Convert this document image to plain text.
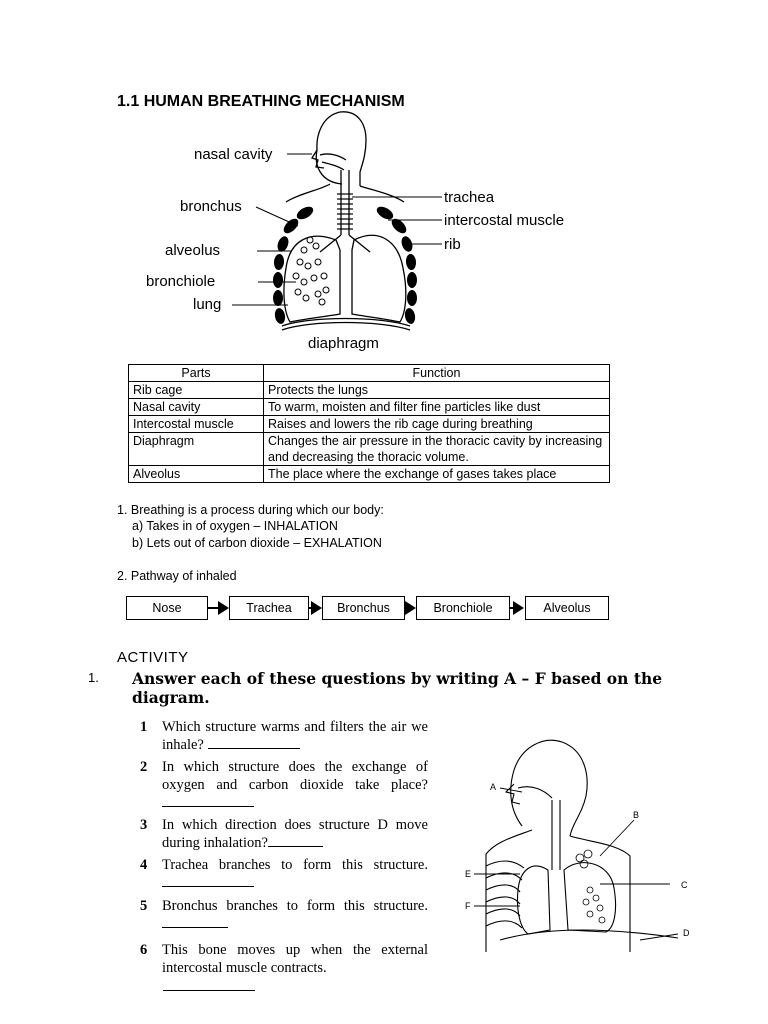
1.1 HUMAN BREATHING MECHANISM
nasal cavity
bronchus
alveolus
bronchiole
lung
trachea
intercostal muscle
rib
diaphragm
Parts	Function
Rib cage	Protects the lungs
Nasal cavity	To warm, moisten and filter fine particles like dust
Intercostal muscle	Raises and lowers the rib cage during breathing
Diaphragm	Changes the air pressure in the thoracic cavity by increasing and decreasing the thoracic volume.
Alveolus	The place where the exchange of gases takes place
1. Breathing is a process during which our body:
a) Takes in of oxygen – INHALATION
b) Lets out of carbon dioxide – EXHALATION
2. Pathway of inhaled
Nose	Trachea	Bronchus	Bronchiole	Alveolus
ACTIVITY
1. Answer each of these questions by writing A – F based on the diagram.
1	Which structure warms and filters the air we inhale?
2	In which structure does the exchange of oxygen and carbon dioxide take place?
3	In which direction does structure D move during inhalation?
4	Trachea branches to form this structure.
5	Bronchus branches to form this structure.
6	This bone moves up when the external intercostal muscle contracts.
A
B
C
D
E
F
